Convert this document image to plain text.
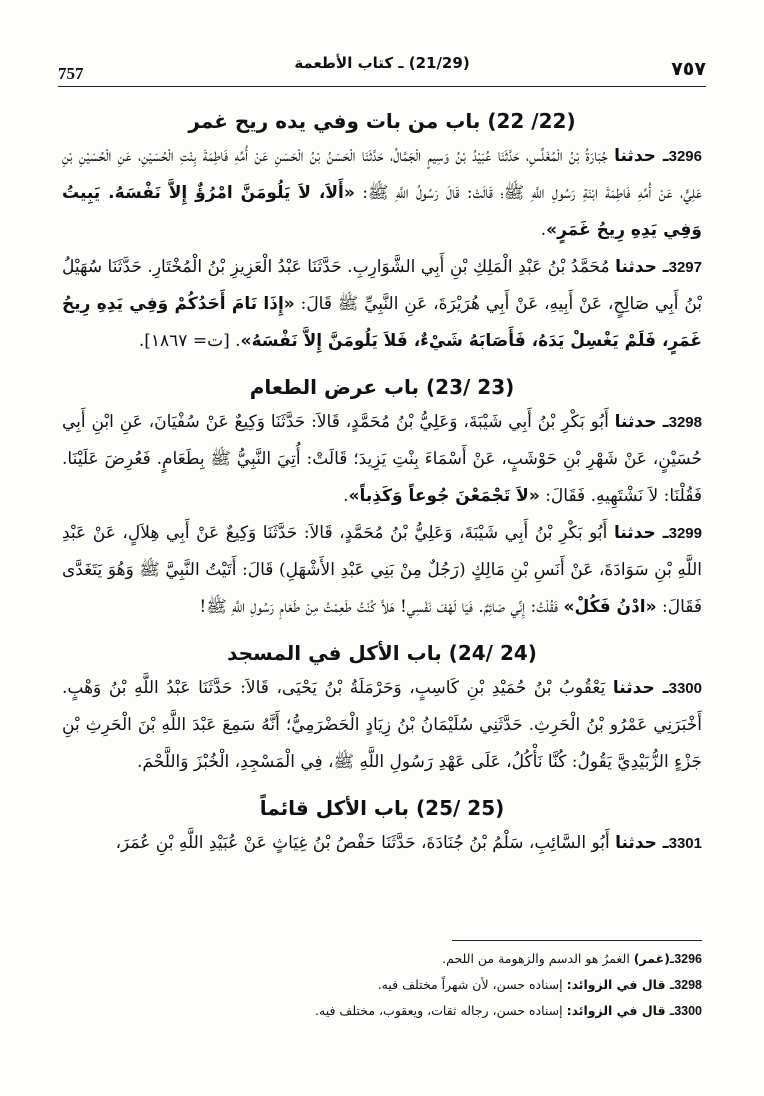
٧٥٧
(21/29) ـ كتاب الأطعمة
757
(22/ 22) باب من بات وفي يده ريح غمر

3296ـ حدثنا جُبَارَةُ بْنُ الْمُغَلِّسِ، حَدَّثَنَا عُبَيْدُ بْنُ وَسِيمٍ الْجَمَّالُ، حَدَّثَنَا الْحَسَنُ بْنُ الْحَسَنِ عَنْ أُمِّهِ فَاطِمَةَ بِنْتِ الْحُسَيْنِ، عَنِ الْحُسَيْنِ بْنِ عَلِيٍّ، عَنْ أُمِّهِ فَاطِمَةَ ابْنَةِ رَسُولِ اللَّهِ ﷺ؛ قَالَتْ: قَالَ رَسُولُ اللَّهِ ﷺ: «أَلاَ، لاَ يَلُومَنَّ امْرُؤٌ إِلاَّ نَفْسَهُ. يَبِيتُ وَفِي يَدِهِ رِيحُ غَمَرٍ».

3297ـ حدثنا مُحَمَّدُ بْنُ عَبْدِ الْمَلِكِ بْنِ أَبِي الشَّوَارِبِ. حَدَّثَنَا عَبْدُ الْعَزِيزِ بْنُ الْمُخْتَارِ. حَدَّثَنَا سُهَيْلُ بْنُ أَبِي صَالِحٍ، عَنْ أَبِيهِ، عَنْ أَبِي هُرَيْرَةَ، عَنِ النَّبِيِّ ﷺ قَالَ: «إِذَا نَامَ أَحَدُكُمْ وَفِي يَدِهِ رِيحُ غَمَرٍ، فَلَمْ يَغْسِلْ يَدَهُ، فَأَصَابَهُ شَيْءٌ، فَلاَ يَلُومَنَّ إِلاَّ نَفْسَهُ». [ت= ١٨٦٧].

(23 /23) باب عرض الطعام

3298ـ حدثنا أَبُو بَكْرِ بْنُ أَبِي شَيْبَةَ، وَعَلِيُّ بْنُ مُحَمَّدٍ، قَالاَ: حَدَّثَنَا وَكِيعٌ عَنْ سُفْيَانَ، عَنِ ابْنِ أَبِي حُسَيْنٍ، عَنْ شَهْرِ بْنِ حَوْشَبٍ، عَنْ أَسْمَاءَ بِنْتِ يَزِيدَ؛ قَالَتْ: أُتِيَ النَّبِيُّ ﷺ بِطَعَامٍ. فَعُرِضَ عَلَيْنَا. فَقُلْنَا: لاَ نَشْتَهِيهِ. فَقَالَ: «لاَ تَجْمَعْنَ جُوعاً وَكَذِباً».

3299ـ حدثنا أَبُو بَكْرِ بْنُ أَبِي شَيْبَةَ، وَعَلِيُّ بْنُ مُحَمَّدٍ، قَالاَ: حَدَّثَنَا وَكِيعٌ عَنْ أَبِي هِلاَلٍ، عَنْ عَبْدِ اللَّهِ بْنِ سَوَادَةَ، عَنْ أَنَسِ بْنِ مَالِكٍ (رَجُلٌ مِنْ بَنِي عَبْدِ الأَشْهَلِ) قَالَ: أَتَيْتُ النَّبِيَّ ﷺ وَهُوَ يَتَغَدَّى فَقَالَ: «ادْنُ فَكُلْ» فَقُلْتُ: إِنِّي صَائِمٌ. فَيَا لَهْفَ نَفْسِي! هَلاَّ كُنْتُ طَعِمْتُ مِنْ طَعَامِ رَسُولِ اللَّهِ ﷺ!

(24 /24) باب الأكل في المسجد

3300ـ حدثنا يَعْقُوبُ بْنُ حُمَيْدِ بْنِ كَاسِبٍ، وَحَرْمَلَةُ بْنُ يَحْيَى، قَالاَ: حَدَّثَنَا عَبْدُ اللَّهِ بْنُ وَهْبٍ. أَخْبَرَنِي عَمْرُو بْنُ الْحَرِثِ. حَدَّثَنِي سُلَيْمَانُ بْنُ زِيَادٍ الْحَضْرَمِيُّ؛ أَنَّهُ سَمِعَ عَبْدَ اللَّهِ بْنَ الْحَرِثِ بْنِ جَزْءٍ الزُّبَيْدِيَّ يَقُولُ: كُنَّا نَأْكُلُ، عَلَى عَهْدِ رَسُولِ اللَّهِ ﷺ، فِي الْمَسْجِدِ، الْخُبْزَ وَاللَّحْمَ.

(25 /25) باب الأكل قائماً

3301ـ حدثنا أَبُو السَّائِبِ، سَلْمُ بْنُ جُنَادَةَ، حَدَّثَنَا حَفْصُ بْنُ غِيَاثٍ عَنْ عُبَيْدِ اللَّهِ بْنِ عُمَرَ،

3296ـ(غمر) الغمرُ هو الدسم والزهومة من اللحم.
3298ـ قال في الزوائد: إسناده حسن، لأن شهراً مختلف فيه.
3300ـ قال في الزوائد: إسناده حسن، رجاله ثقات، ويعقوب، مختلف فيه.
